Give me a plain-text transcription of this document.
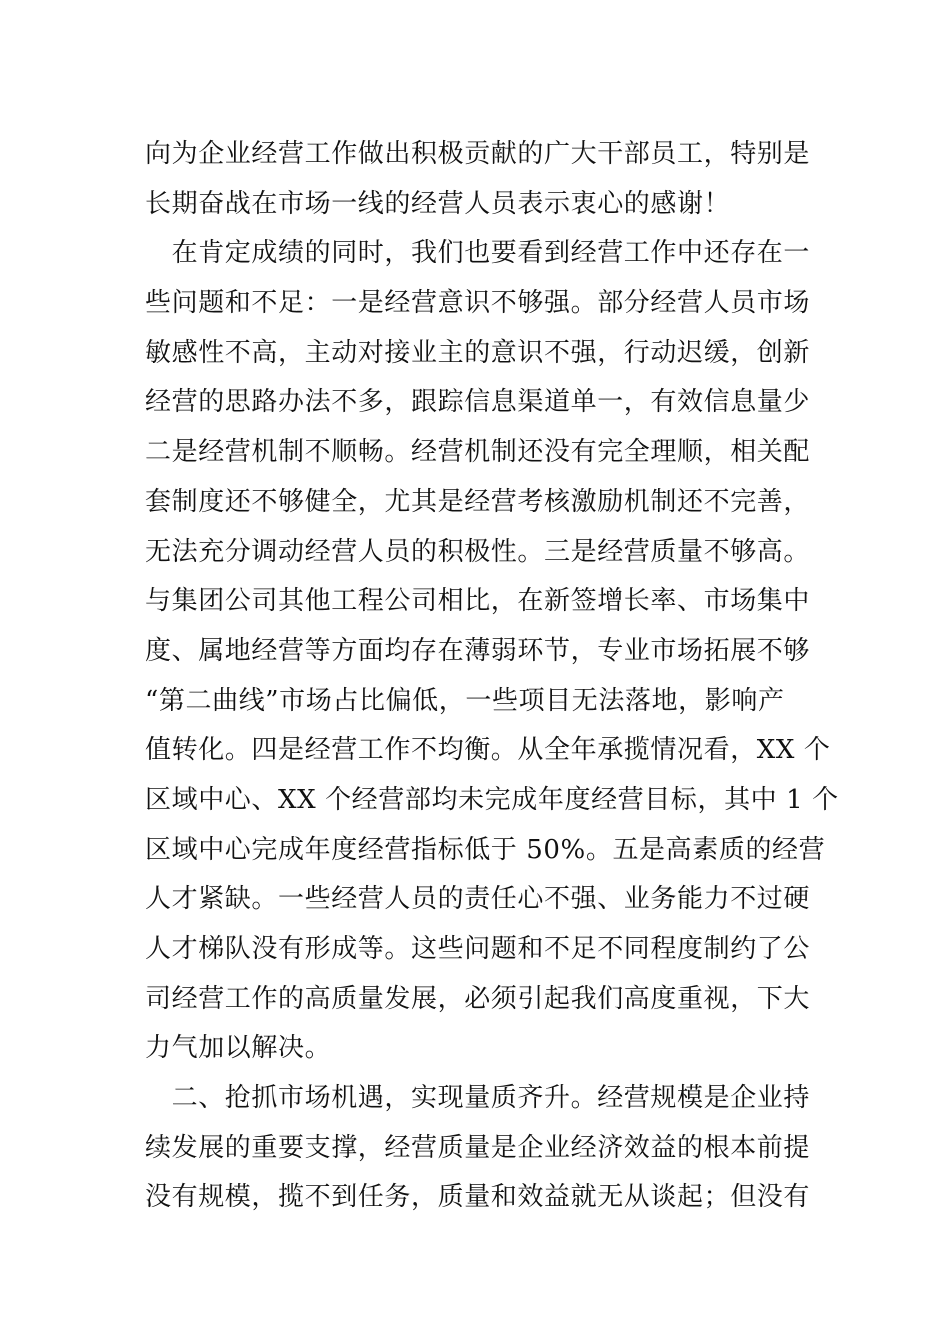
向为企业经营工作做出积极贡献的广大干部员工，特别是
长期奋战在市场一线的经营人员表示衷心的感谢！
　在肯定成绩的同时，我们也要看到经营工作中还存在一
些问题和不足：一是经营意识不够强。部分经营人员市场
敏感性不高，主动对接业主的意识不强，行动迟缓，创新
经营的思路办法不多，跟踪信息渠道单一，有效信息量少
二是经营机制不顺畅。经营机制还没有完全理顺，相关配
套制度还不够健全，尤其是经营考核激励机制还不完善，
无法充分调动经营人员的积极性。三是经营质量不够高。
与集团公司其他工程公司相比，在新签增长率、市场集中
度、属地经营等方面均存在薄弱环节，专业市场拓展不够
“第二曲线”市场占比偏低，一些项目无法落地，影响产
值转化。四是经营工作不均衡。从全年承揽情况看，XX 个
区域中心、XX 个经营部均未完成年度经营目标，其中 1 个
区域中心完成年度经营指标低于 50%。五是高素质的经营
人才紧缺。一些经营人员的责任心不强、业务能力不过硬
人才梯队没有形成等。这些问题和不足不同程度制约了公
司经营工作的高质量发展，必须引起我们高度重视，下大
力气加以解决。
　二、抢抓市场机遇，实现量质齐升。经营规模是企业持
续发展的重要支撑，经营质量是企业经济效益的根本前提
没有规模，揽不到任务，质量和效益就无从谈起；但没有
